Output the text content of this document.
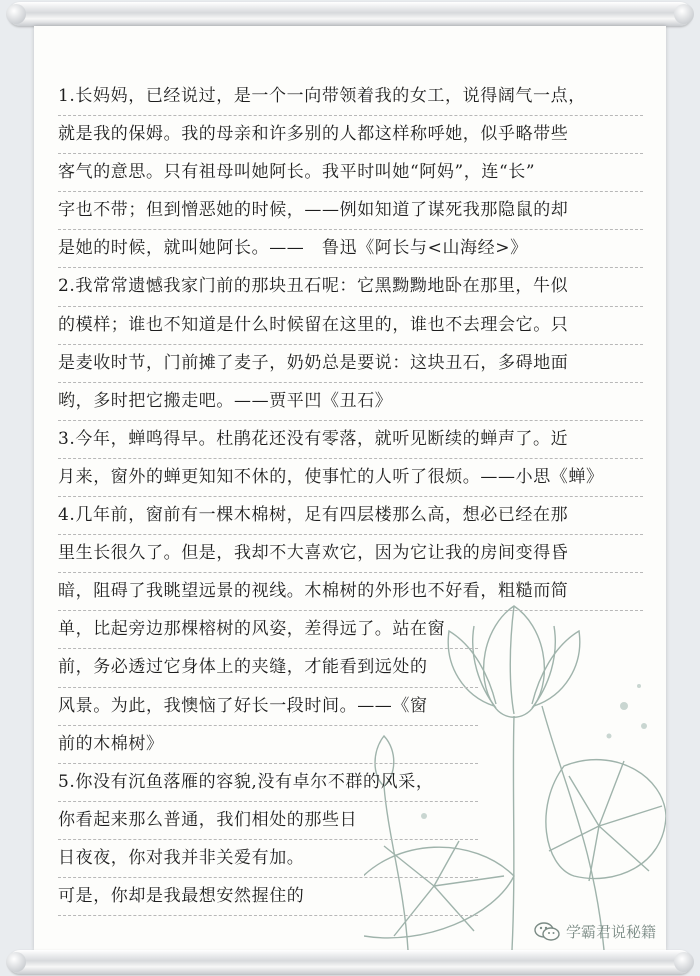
1.长妈妈，已经说过，是一个一向带领着我的女工，说得阔气一点，
就是我的保姆。我的母亲和许多别的人都这样称呼她，似乎略带些
客气的意思。只有祖母叫她阿长。我平时叫她“阿妈”，连“长”
字也不带；但到憎恶她的时候，——例如知道了谋死我那隐鼠的却
是她的时候，就叫她阿长。——　鲁迅《阿长与<山海经>》
2.我常常遗憾我家门前的那块丑石呢：它黑黝黝地卧在那里，牛似
的模样；谁也不知道是什么时候留在这里的，谁也不去理会它。只
是麦收时节，门前摊了麦子，奶奶总是要说：这块丑石，多碍地面
哟，多时把它搬走吧。——贾平凹《丑石》
3.今年，蝉鸣得早。杜鹃花还没有零落，就听见断续的蝉声了。近
月来，窗外的蝉更知知不休的，使事忙的人听了很烦。——小思《蝉》
4.几年前，窗前有一棵木棉树，足有四层楼那么高，想必已经在那
里生长很久了。但是，我却不大喜欢它，因为它让我的房间变得昏
暗，阻碍了我眺望远景的视线。木棉树的外形也不好看，粗糙而简
单，比起旁边那棵榕树的风姿，差得远了。站在窗
前，务必透过它身体上的夹缝，才能看到远处的
风景。为此，我懊恼了好长一段时间。——《窗
前的木棉树》
5.你没有沉鱼落雁的容貌,没有卓尔不群的风采，
你看起来那么普通，我们相处的那些日
日夜夜，你对我并非关爱有加。
可是，你却是我最想安然握住的
学霸君说秘籍
